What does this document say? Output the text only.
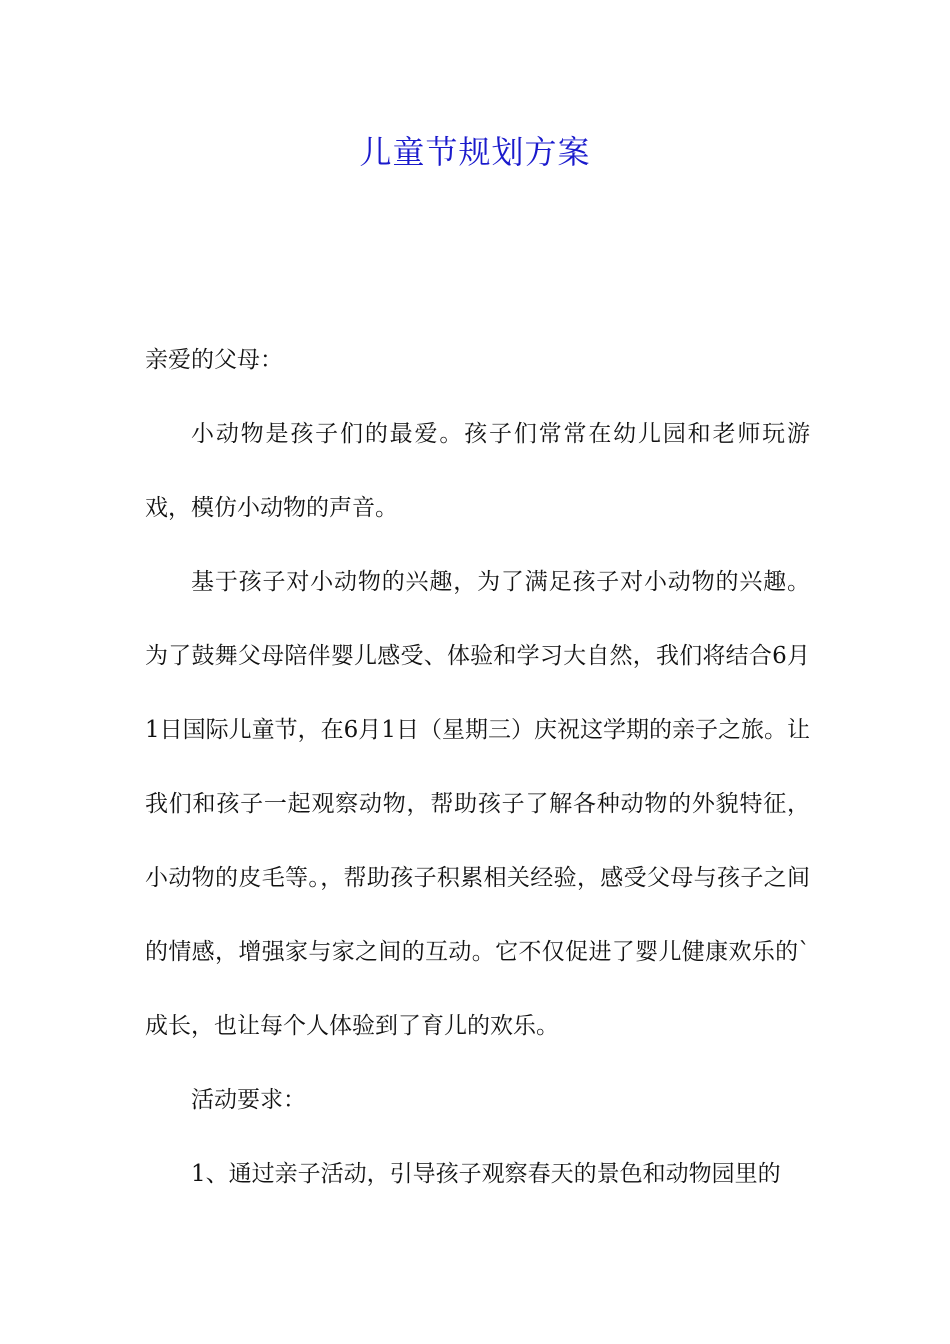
儿童节规划方案

亲爱的父母：

小动物是孩子们的最爱。孩子们常常在幼儿园和老师玩游戏，模仿小动物的声音。

基于孩子对小动物的兴趣，为了满足孩子对小动物的兴趣。为了鼓舞父母陪伴婴儿感受、体验和学习大自然，我们将结合6月1日国际儿童节，在6月1日（星期三）庆祝这学期的亲子之旅。让我们和孩子一起观察动物，帮助孩子了解各种动物的外貌特征，小动物的皮毛等。，帮助孩子积累相关经验，感受父母与孩子之间的情感，增强家与家之间的互动。它不仅促进了婴儿健康欢乐的`成长，也让每个人体验到了育儿的欢乐。

活动要求：

1、通过亲子活动，引导孩子观察春天的景色和动物园里的
